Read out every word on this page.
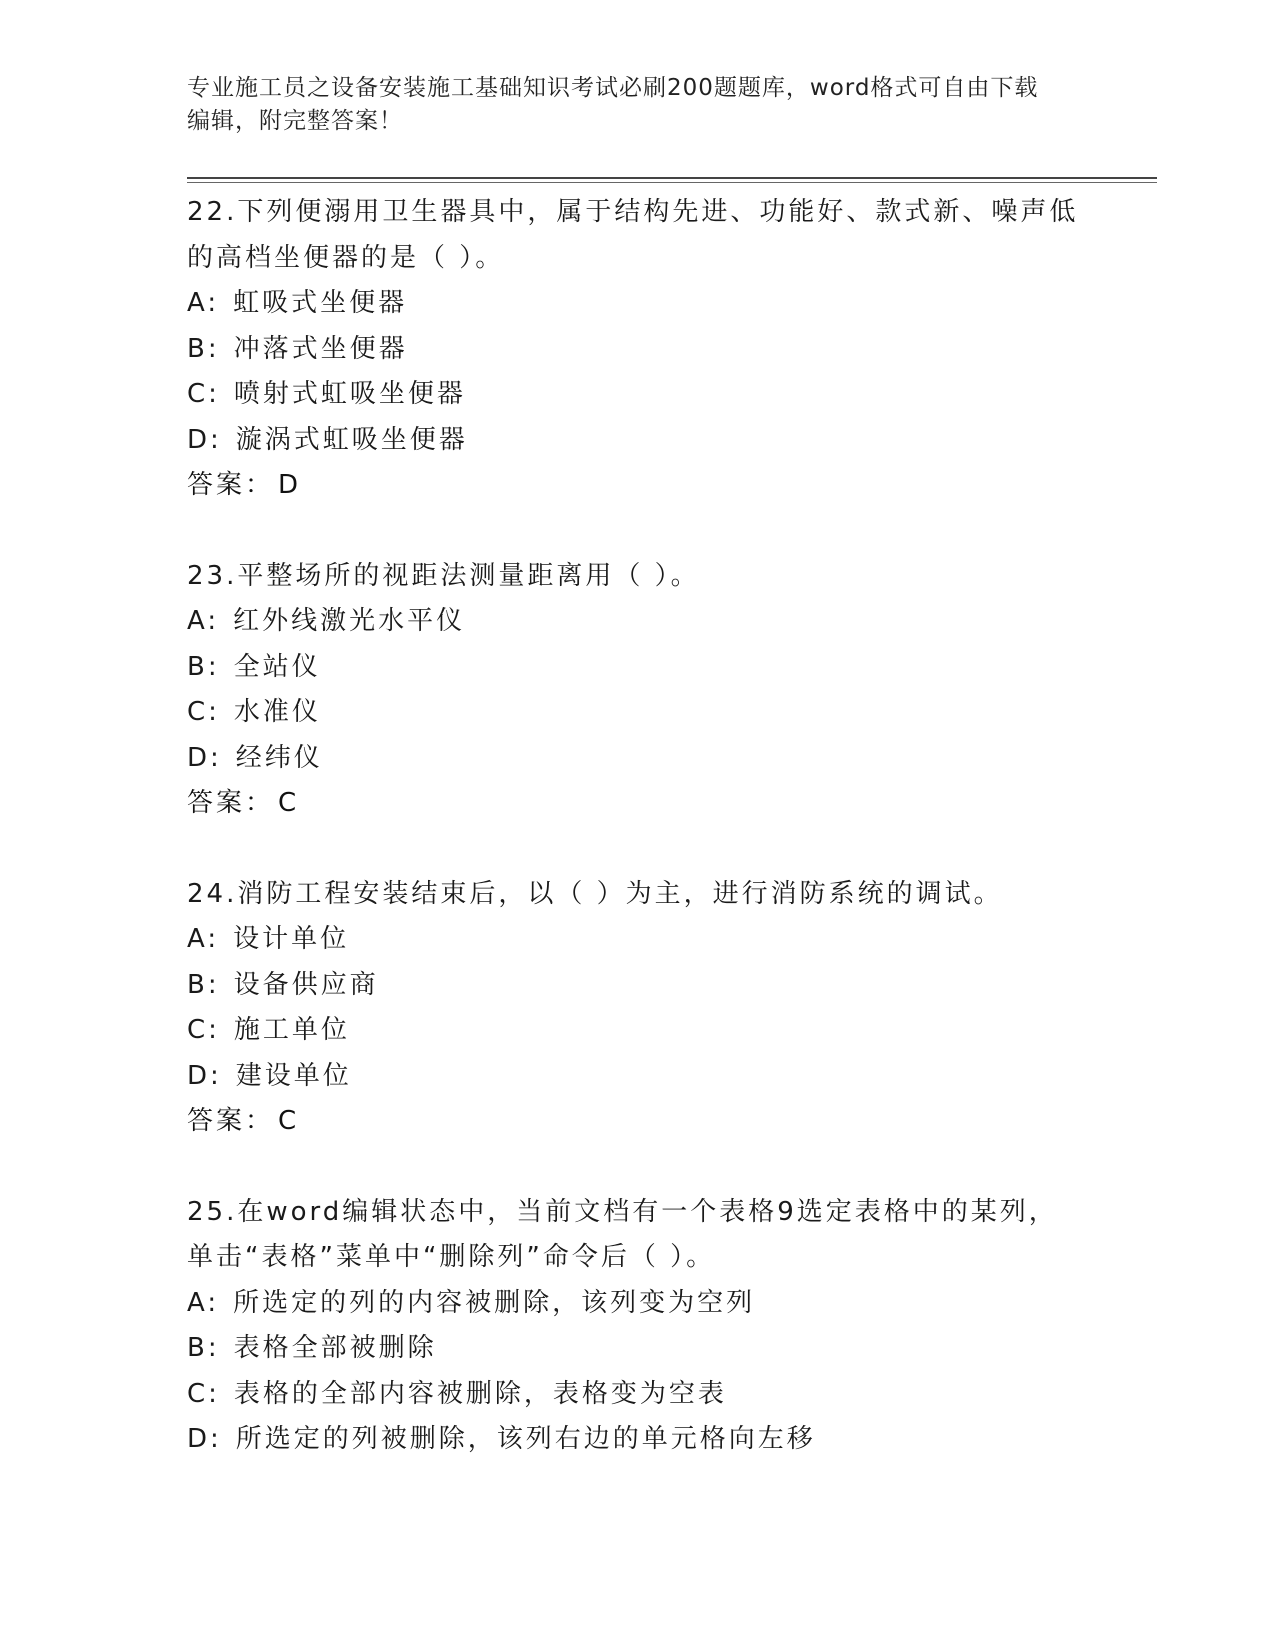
专业施工员之设备安装施工基础知识考试必刷200题题库，word格式可自由下载
编辑，附完整答案！
22.下列便溺用卫生器具中，属于结构先进、功能好、款式新、噪声低
的高档坐便器的是（ ）。
A: 虹吸式坐便器
B: 冲落式坐便器
C: 喷射式虹吸坐便器
D: 漩涡式虹吸坐便器
答案： D
23.平整场所的视距法测量距离用（ ）。
A: 红外线激光水平仪
B: 全站仪
C: 水准仪
D: 经纬仪
答案： C
24.消防工程安装结束后，以（ ）为主，进行消防系统的调试。
A: 设计单位
B: 设备供应商
C: 施工单位
D: 建设单位
答案： C
25.在word编辑状态中，当前文档有一个表格9选定表格中的某列，
单击“表格”菜单中“删除列”命令后（ ）。
A: 所选定的列的内容被删除，该列变为空列
B: 表格全部被删除
C: 表格的全部内容被删除，表格变为空表
D: 所选定的列被删除，该列右边的单元格向左移
